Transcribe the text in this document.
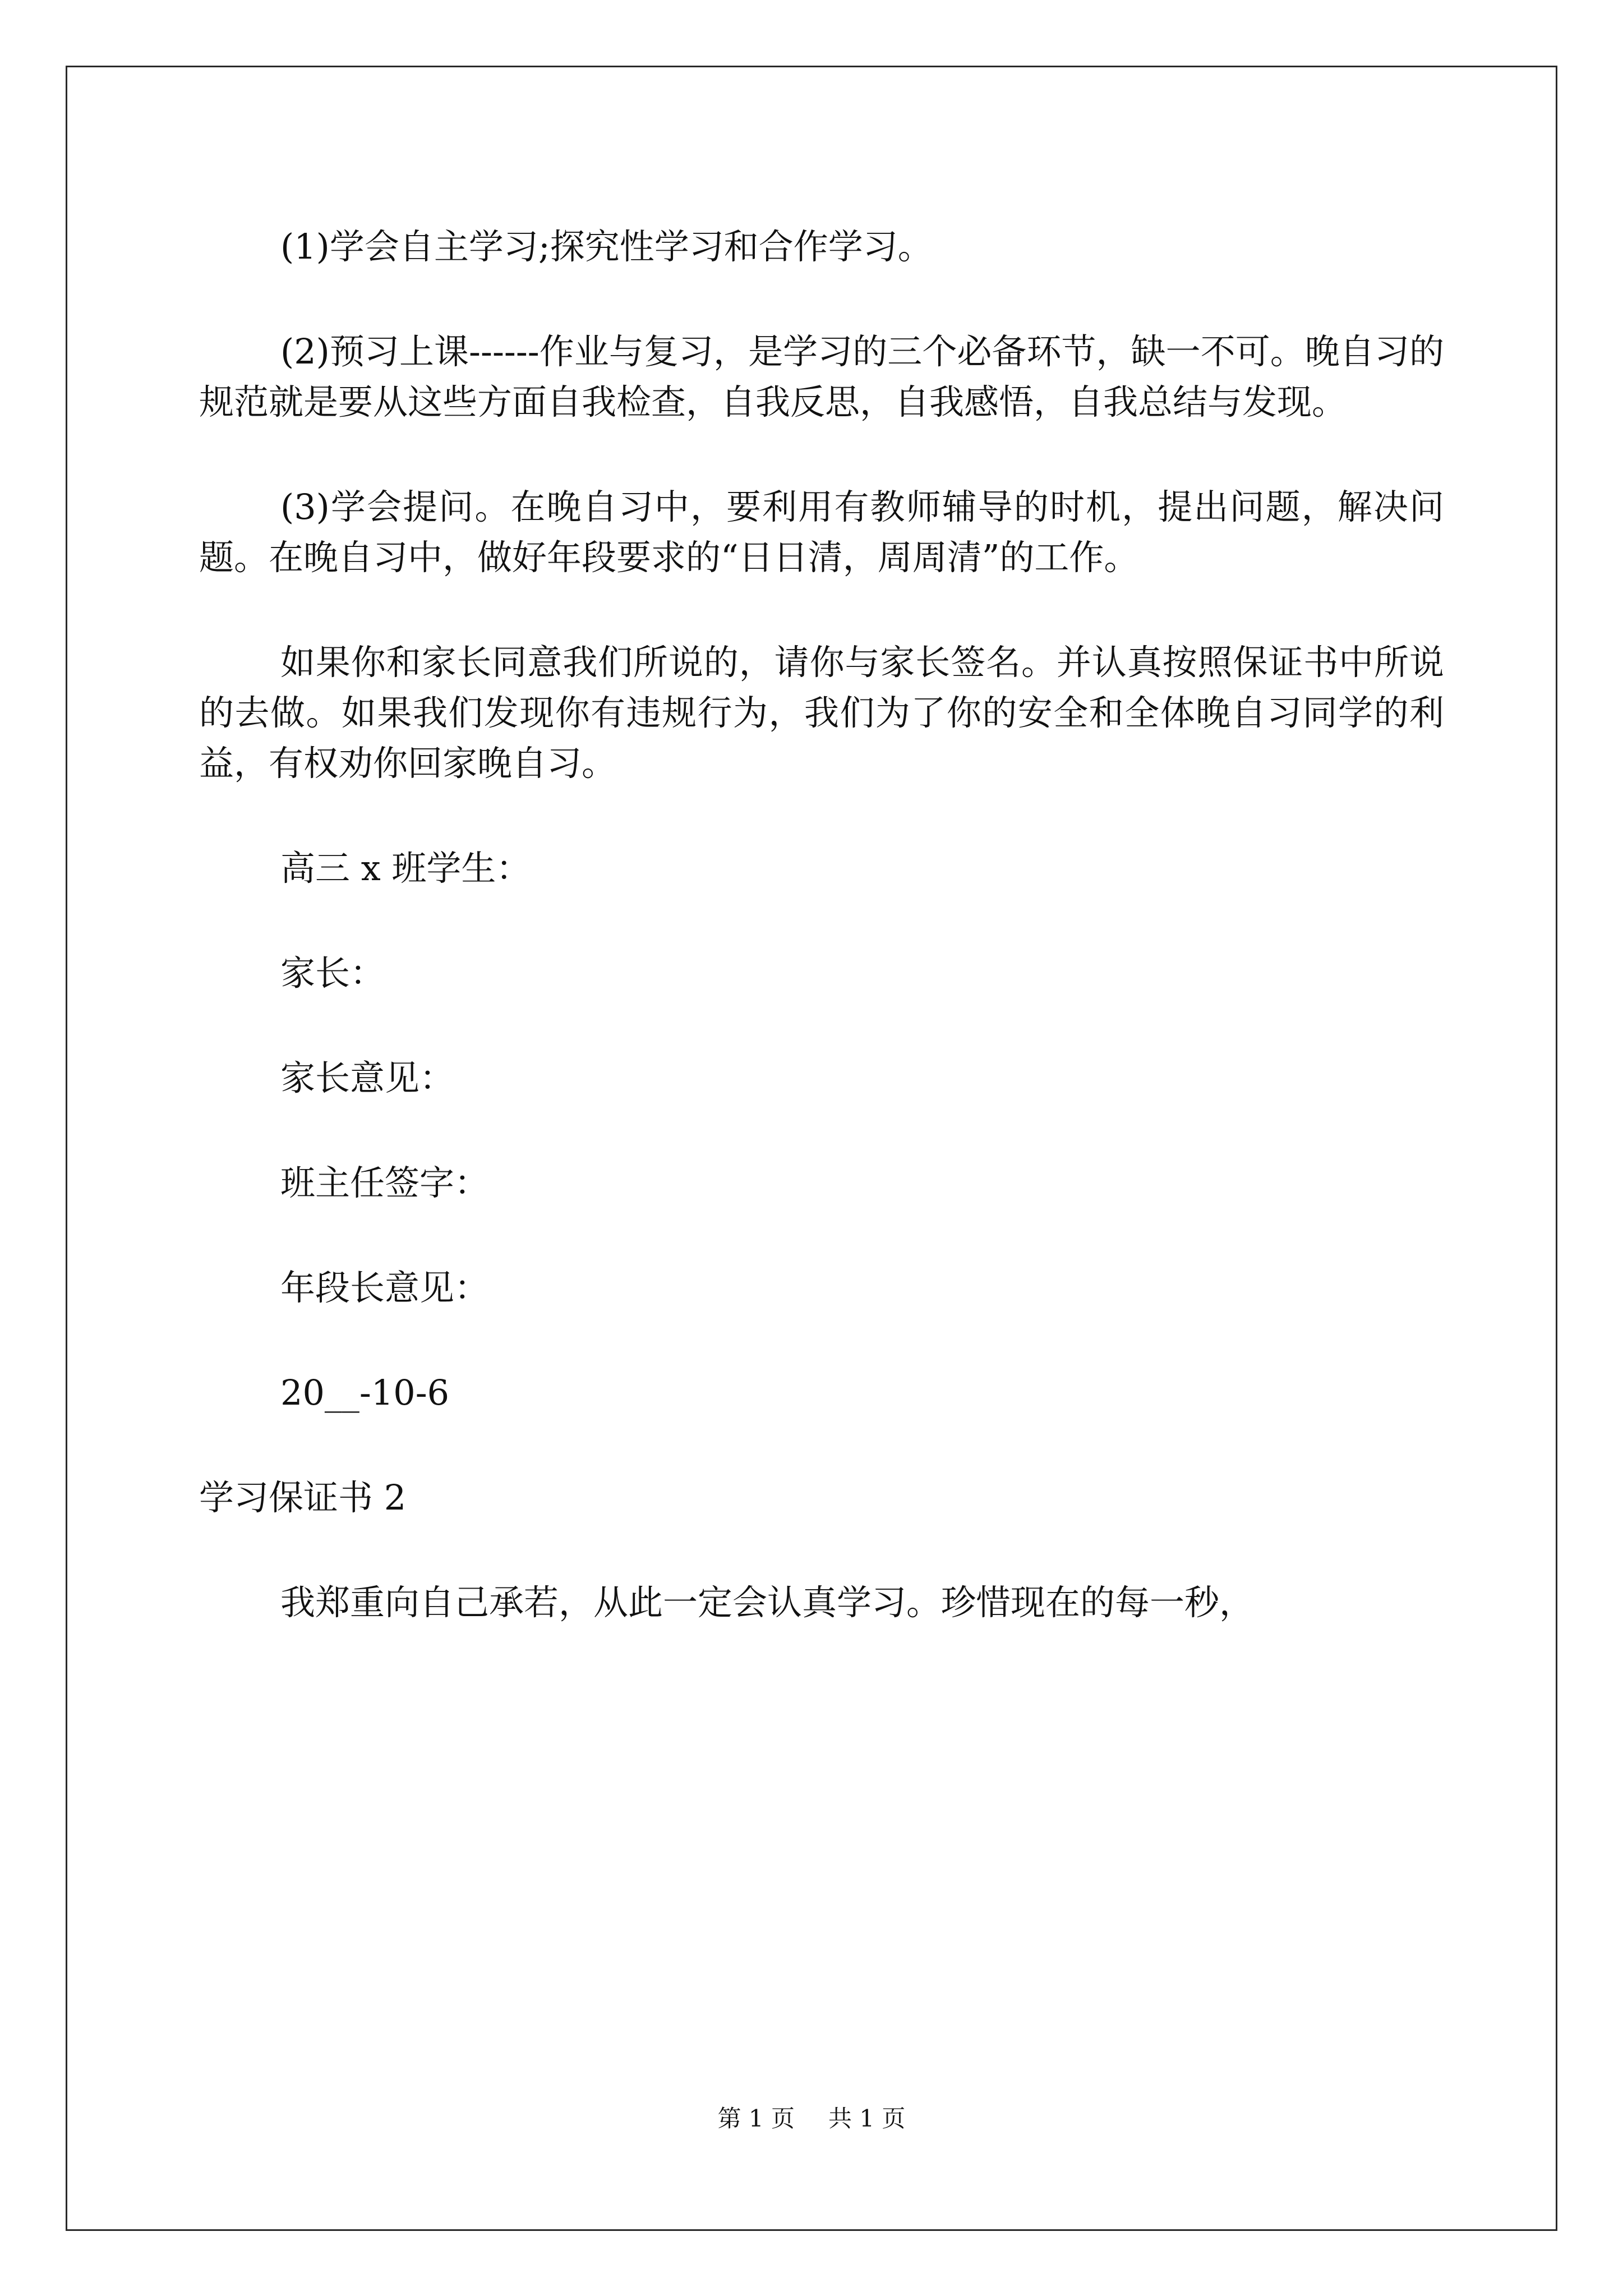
(1)学会自主学习;探究性学习和合作学习。

(2)预习上课------作业与复习，是学习的三个必备环节，缺一不可。晚自习的规范就是要从这些方面自我检查，自我反思，自我感悟，自我总结与发现。

(3)学会提问。在晚自习中，要利用有教师辅导的时机，提出问题，解决问题。在晚自习中，做好年段要求的“日日清，周周清”的工作。

如果你和家长同意我们所说的，请你与家长签名。并认真按照保证书中所说的去做。如果我们发现你有违规行为，我们为了你的安全和全体晚自习同学的利益，有权劝你回家晚自习。

高三 x 班学生：
家长：
家长意见：
班主任签字：
年段长意见：
20__-10-6
学习保证书 2

我郑重向自己承若，从此一定会认真学习。珍惜现在的每一秒，

第 1 页 共 1 页
